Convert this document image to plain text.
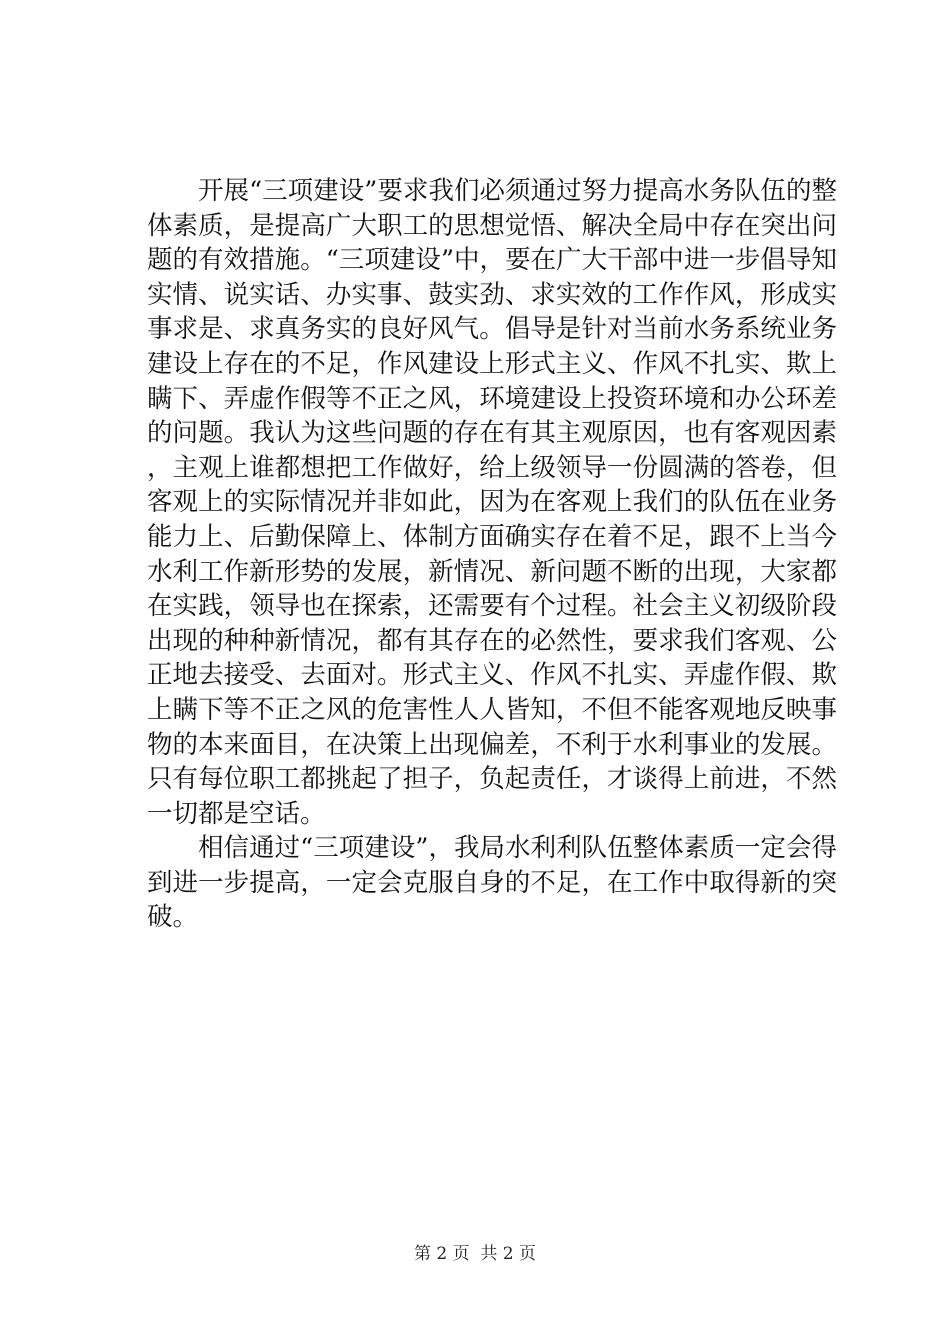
开展“三项建设”要求我们必须通过努力提高水务队伍的整体素质，是提高广大职工的思想觉悟、解决全局中存在突出问题的有效措施。“三项建设”中，要在广大干部中进一步倡导知实情、说实话、办实事、鼓实劲、求实效的工作作风，形成实事求是、求真务实的良好风气。倡导是针对当前水务系统业务建设上存在的不足，作风建设上形式主义、作风不扎实、欺上瞒下、弄虚作假等不正之风，环境建设上投资环境和办公环差的问题。我认为这些问题的存在有其主观原因，也有客观因素，主观上谁都想把工作做好，给上级领导一份圆满的答卷，但客观上的实际情况并非如此，因为在客观上我们的队伍在业务能力上、后勤保障上、体制方面确实存在着不足，跟不上当今水利工作新形势的发展，新情况、新问题不断的出现，大家都在实践，领导也在探索，还需要有个过程。社会主义初级阶段出现的种种新情况，都有其存在的必然性，要求我们客观、公正地去接受、去面对。形式主义、作风不扎实、弄虚作假、欺上瞒下等不正之风的危害性人人皆知，不但不能客观地反映事物的本来面目，在决策上出现偏差，不利于水利事业的发展。只有每位职工都挑起了担子，负起责任，才谈得上前进，不然一切都是空话。

相信通过“三项建设”，我局水利利队伍整体素质一定会得到进一步提高，一定会克服自身的不足，在工作中取得新的突破。

第 2 页  共 2 页
